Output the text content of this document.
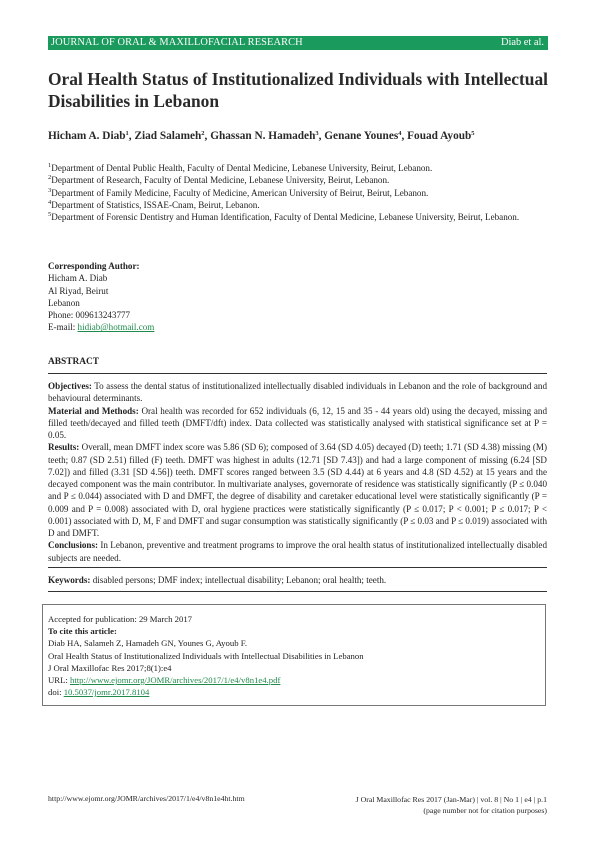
JOURNAL OF ORAL & MAXILLOFACIAL RESEARCH	Diab et al.
Oral Health Status of Institutionalized Individuals with Intellectual Disabilities in Lebanon
Hicham A. Diab$^1$, Ziad Salameh$^2$, Ghassan N. Hamadeh$^3$, Genane Younes$^4$, Fouad Ayoub$^5$
$^1$Department of Dental Public Health, Faculty of Dental Medicine, Lebanese University, Beirut, Lebanon.
$^2$Department of Research, Faculty of Dental Medicine, Lebanese University, Beirut, Lebanon.
$^3$Department of Family Medicine, Faculty of Medicine, American University of Beirut, Beirut, Lebanon.
$^4$Department of Statistics, ISSAE-Cnam, Beirut, Lebanon.
$^5$Department of Forensic Dentistry and Human Identification, Faculty of Dental Medicine, Lebanese University, Beirut, Lebanon.
Corresponding Author:
Hicham A. Diab
Al Riyad, Beirut
Lebanon
Phone: 009613243777
E-mail: hidiab@hotmail.com
ABSTRACT

Objectives: To assess the dental status of institutionalized intellectually disabled individuals in Lebanon and the role of background and behavioural determinants.

Material and Methods: Oral health was recorded for 652 individuals (6, 12, 15 and 35 - 44 years old) using the decayed, missing and filled teeth/decayed and filled teeth (DMFT/dft) index. Data collected was statistically analysed with statistical significance set at P = 0.05.

Results: Overall, mean DMFT index score was 5.86 (SD 6); composed of 3.64 (SD 4.05) decayed (D) teeth; 1.71 (SD 4.38) missing (M) teeth; 0.87 (SD 2.51) filled (F) teeth. DMFT was highest in adults (12.71 [SD 7.43]) and had a large component of missing (6.24 [SD 7.02]) and filled (3.31 [SD 4.56]) teeth. DMFT scores ranged between 3.5 (SD 4.44) at 6 years and 4.8 (SD 4.52) at 15 years and the decayed component was the main contributor. In multivariate analyses, governorate of residence was statistically significantly (P ≤ 0.040 and P ≤ 0.044) associated with D and DMFT, the degree of disability and caretaker educational level were statistically significantly (P = 0.009 and P = 0.008) associated with D, oral hygiene practices were statistically significantly (P ≤ 0.017; P < 0.001; P ≤ 0.017; P < 0.001) associated with D, M, F and DMFT and sugar consumption was statistically significantly (P ≤ 0.03 and P ≤ 0.019) associated with D and DMFT.

Conclusions: In Lebanon, preventive and treatment programs to improve the oral health status of institutionalized intellectually disabled subjects are needed.

Keywords: disabled persons; DMF index; intellectual disability; Lebanon; oral health; teeth.
Accepted for publication: 29 March 2017
To cite this article:
Diab HA, Salameh Z, Hamadeh GN, Younes G, Ayoub F.
Oral Health Status of Institutionalized Individuals with Intellectual Disabilities in Lebanon
J Oral Maxillofac Res 2017;8(1):e4
URL: http://www.ejomr.org/JOMR/archives/2017/1/e4/v8n1e4.pdf
doi: 10.5037/jomr.2017.8104
http://www.ejomr.org/JOMR/archives/2017/1/e4/v8n1e4ht.htm	J Oral Maxillofac Res 2017 (Jan-Mar) | vol. 8 | No 1 | e4 | p.1
(page number not for citation purposes)
